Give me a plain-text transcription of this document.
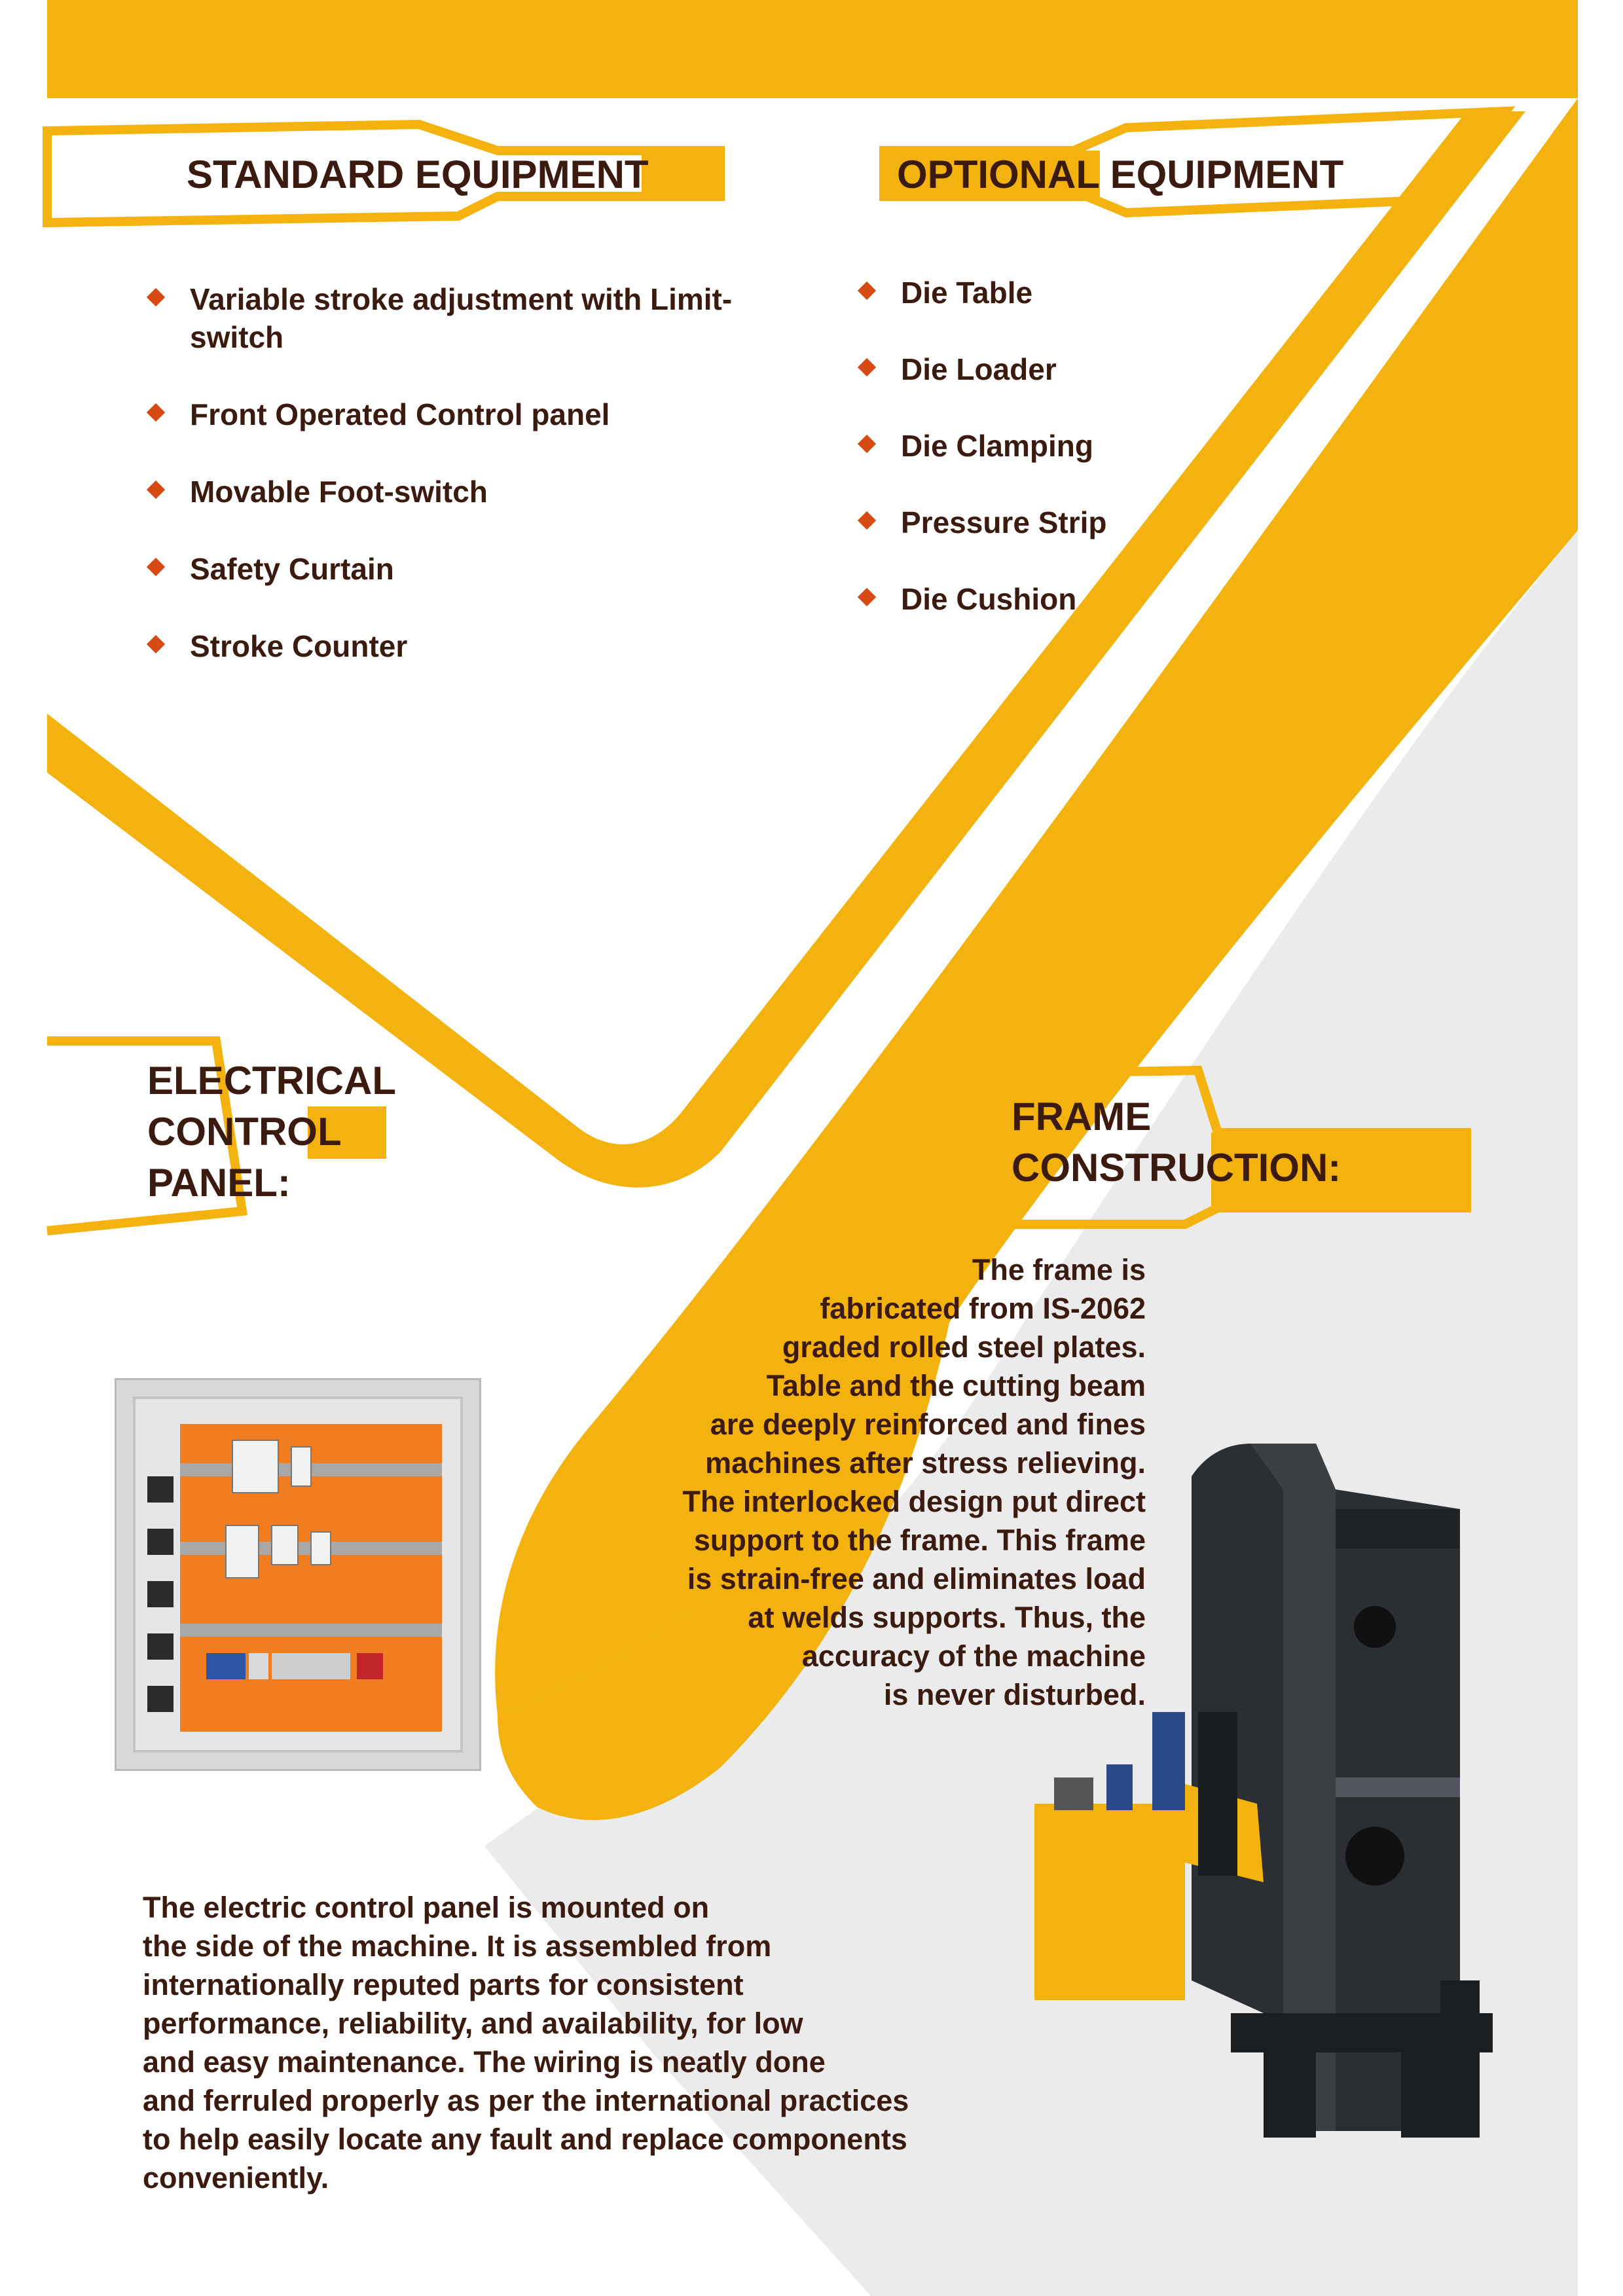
STANDARD EQUIPMENT
Variable stroke adjustment with Limit-switch
Front Operated Control panel
Movable Foot-switch
Safety Curtain
Stroke Counter
OPTIONAL EQUIPMENT
Die Table
Die Loader
Die Clamping
Pressure Strip
Die Cushion
ELECTRICAL
CONTROL
PANEL:

The electric control panel is mounted on

the side of the machine. It is assembled from

internationally reputed parts for consistent

performance, reliability, and availability, for low

and easy maintenance. The wiring is neatly done

and ferruled properly as per the international practices

to help easily locate any fault and replace components

conveniently.

FRAME
CONSTRUCTION:

The frame is

fabricated from IS-2062

graded rolled steel plates.

Table and the cutting beam

are deeply reinforced and fines

machines after stress relieving.

The interlocked design put direct

support to the frame. This frame

is strain-free and eliminates load

at welds supports. Thus, the

accuracy of the machine

is never disturbed.
